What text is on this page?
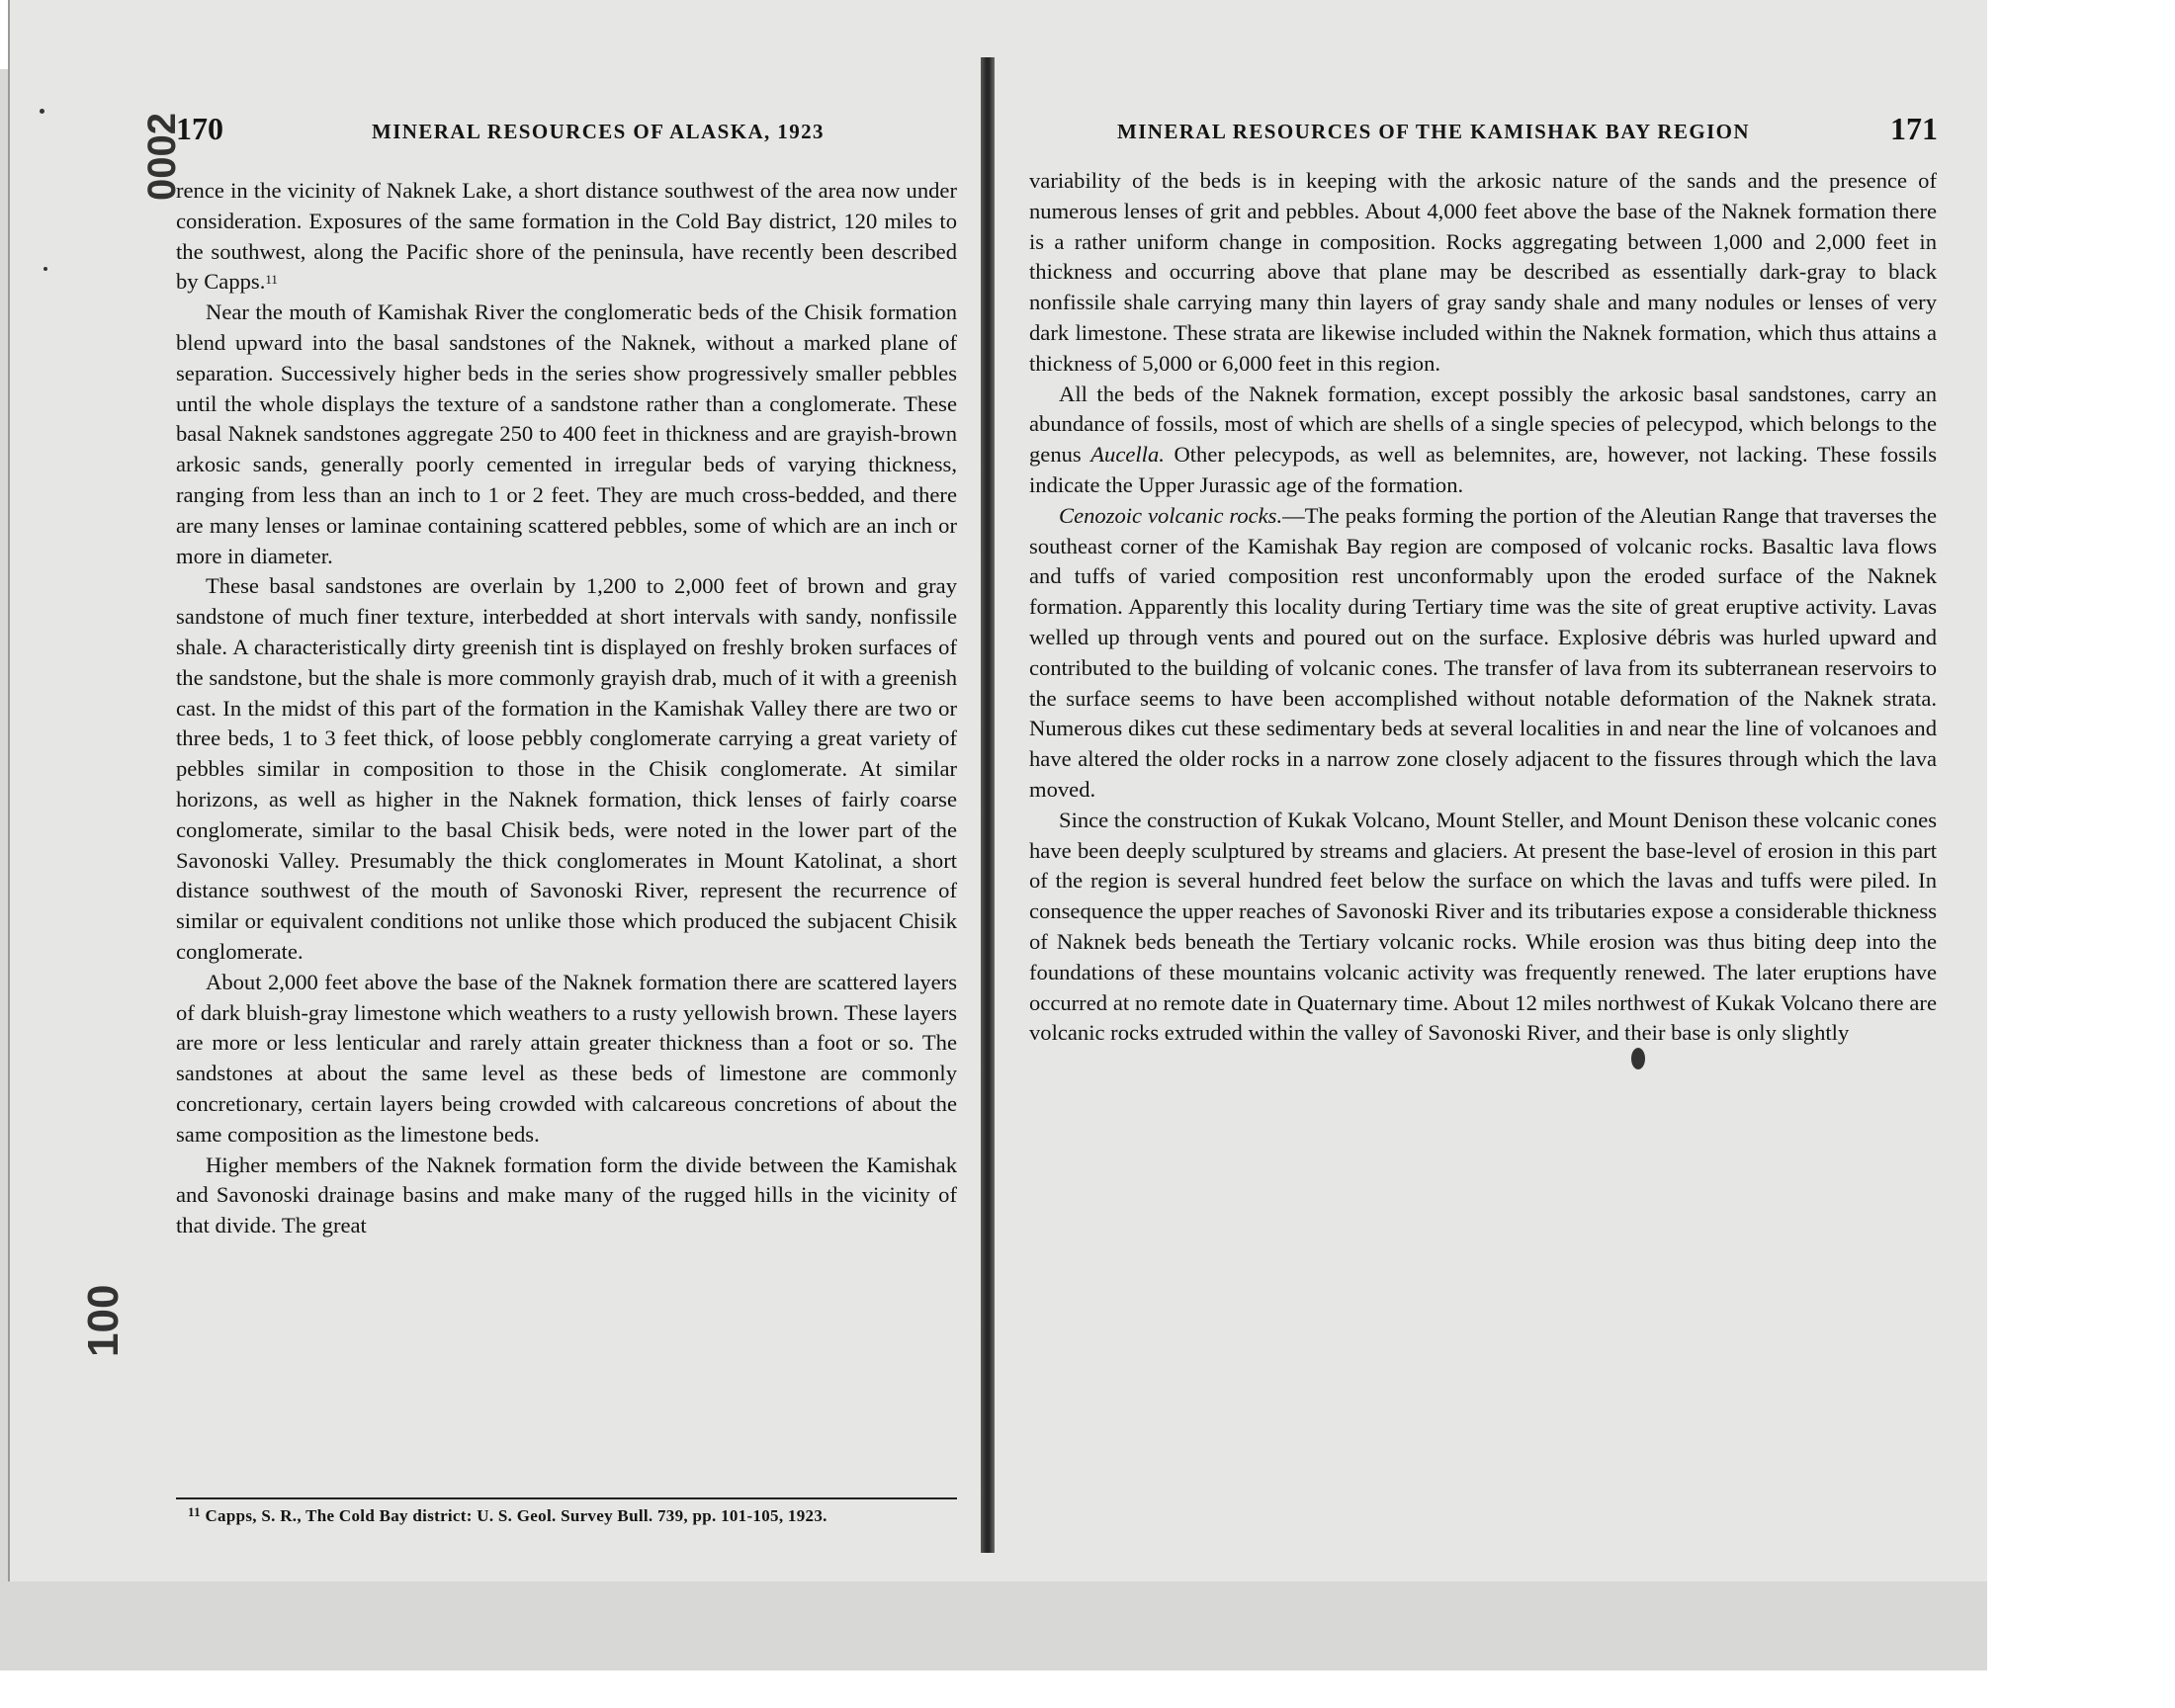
170	MINERAL RESOURCES OF ALASKA, 1923

rence in the vicinity of Naknek Lake, a short distance southwest of the area now under consideration. Exposures of the same formation in the Cold Bay district, 120 miles to the southwest, along the Pacific shore of the peninsula, have recently been described by Capps.$^{11}$

Near the mouth of Kamishak River the conglomeratic beds of the Chisik formation blend upward into the basal sandstones of the Naknek, without a marked plane of separation. Successively higher beds in the series show progressively smaller pebbles until the whole displays the texture of a sandstone rather than a conglomerate. These basal Naknek sandstones aggregate 250 to 400 feet in thickness and are grayish-brown arkosic sands, generally poorly cemented in irregular beds of varying thickness, ranging from less than an inch to 1 or 2 feet. They are much cross-bedded, and there are many lenses or laminae containing scattered pebbles, some of which are an inch or more in diameter.

These basal sandstones are overlain by 1,200 to 2,000 feet of brown and gray sandstone of much finer texture, interbedded at short intervals with sandy, nonfissile shale. A characteristically dirty greenish tint is displayed on freshly broken surfaces of the sandstone, but the shale is more commonly grayish drab, much of it with a greenish cast. In the midst of this part of the formation in the Kamishak Valley there are two or three beds, 1 to 3 feet thick, of loose pebbly conglomerate carrying a great variety of pebbles similar in composition to those in the Chisik conglomerate. At similar horizons, as well as higher in the Naknek formation, thick lenses of fairly coarse conglomerate, similar to the basal Chisik beds, were noted in the lower part of the Savonoski Valley. Presumably the thick conglomerates in Mount Katolinat, a short distance southwest of the mouth of Savonoski River, represent the recurrence of similar or equivalent conditions not unlike those which produced the subjacent Chisik conglomerate.

About 2,000 feet above the base of the Naknek formation there are scattered layers of dark bluish-gray limestone which weathers to a rusty yellowish brown. These layers are more or less lenticular and rarely attain greater thickness than a foot or so. The sandstones at about the same level as these beds of limestone are commonly concretionary, certain layers being crowded with calcareous concretions of about the same composition as the limestone beds.

Higher members of the Naknek formation form the divide between the Kamishak and Savonoski drainage basins and make many of the rugged hills in the vicinity of that divide. The great

$^{11}$ Capps, S. R., The Cold Bay district: U. S. Geol. Survey Bull. 739, pp. 101-105, 1923.
MINERAL RESOURCES OF THE KAMISHAK BAY REGION	171

variability of the beds is in keeping with the arkosic nature of the sands and the presence of numerous lenses of grit and pebbles. About 4,000 feet above the base of the Naknek formation there is a rather uniform change in composition. Rocks aggregating between 1,000 and 2,000 feet in thickness and occurring above that plane may be described as essentially dark-gray to black nonfissile shale carrying many thin layers of gray sandy shale and many nodules or lenses of very dark limestone. These strata are likewise included within the Naknek formation, which thus attains a thickness of 5,000 or 6,000 feet in this region.

All the beds of the Naknek formation, except possibly the arkosic basal sandstones, carry an abundance of fossils, most of which are shells of a single species of pelecypod, which belongs to the genus Aucella. Other pelecypods, as well as belemnites, are, however, not lacking. These fossils indicate the Upper Jurassic age of the formation.

Cenozoic volcanic rocks.—The peaks forming the portion of the Aleutian Range that traverses the southeast corner of the Kamishak Bay region are composed of volcanic rocks. Basaltic lava flows and tuffs of varied composition rest unconformably upon the eroded surface of the Naknek formation. Apparently this locality during Tertiary time was the site of great eruptive activity. Lavas welled up through vents and poured out on the surface. Explosive débris was hurled upward and contributed to the building of volcanic cones. The transfer of lava from its subterranean reservoirs to the surface seems to have been accomplished without notable deformation of the Naknek strata. Numerous dikes cut these sedimentary beds at several localities in and near the line of volcanoes and have altered the older rocks in a narrow zone closely adjacent to the fissures through which the lava moved.

Since the construction of Kukak Volcano, Mount Steller, and Mount Denison these volcanic cones have been deeply sculptured by streams and glaciers. At present the base-level of erosion in this part of the region is several hundred feet below the surface on which the lavas and tuffs were piled. In consequence the upper reaches of Savonoski River and its tributaries expose a considerable thickness of Naknek beds beneath the Tertiary volcanic rocks. While erosion was thus biting deep into the foundations of these mountains volcanic activity was frequently renewed. The later eruptions have occurred at no remote date in Quaternary time. About 12 miles northwest of Kukak Volcano there are volcanic rocks extruded within the valley of Savonoski River, and their base is only slightly

0002
100
